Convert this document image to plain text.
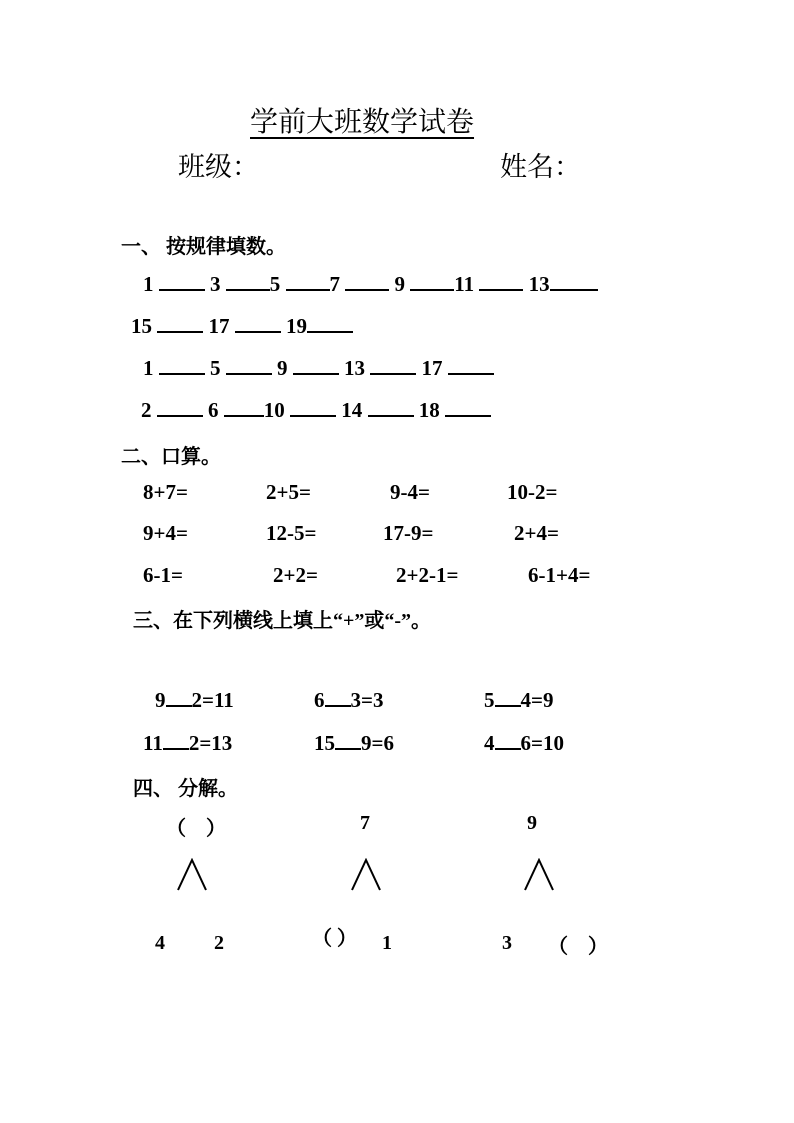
学前大班数学试卷
班级：	姓名：
一、 按规律填数。
1	3 5 7	9 11	13
15	17	19
1	5	9	13	17
2	6 10	14	18
二、口算。
8+7=	2+5=	9-4=	10-2=
9+4=	12-5=	17-9=	2+4=
6-1=	2+2=	2+2-1=	6-1+4=
三、在下列横线上填上“+”或“-”。
9 2=11	6 3=3	5 4=9
11 2=13	15 9=6	4 6=10
四、 分解。
（　）	7	9
4 2	（ ） 1	3 （　）
